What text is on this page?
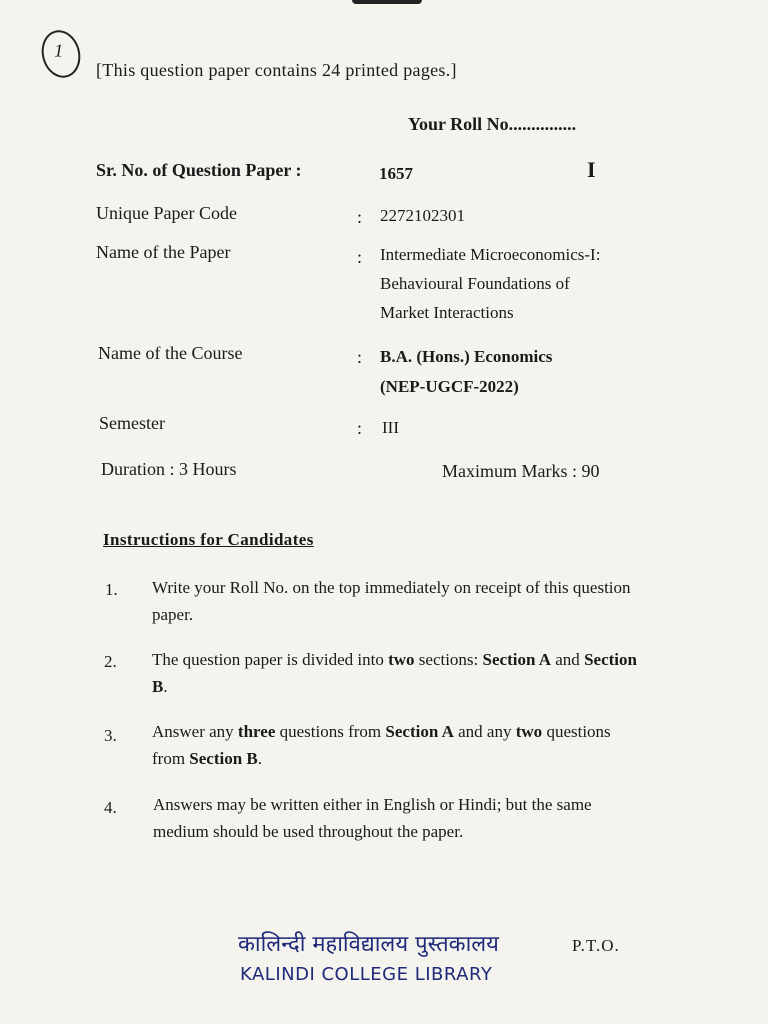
1
[This question paper contains 24 printed pages.]
Your Roll No...............
Sr. No. of Question Paper :	1657	I
Unique Paper Code	: 2272102301
Name of the Paper	: Intermediate Microeconomics-I:
Behavioural Foundations of
Market Interactions
Name of the Course	: B.A. (Hons.) Economics
(NEP-UGCF-2022)
Semester	: III
Duration : 3 Hours	Maximum Marks : 90
Instructions for Candidates
1. Write your Roll No. on the top immediately on receipt of this question paper.
2. The question paper is divided into two sections: Section A and Section B.
3. Answer any three questions from Section A and any two questions from Section B.
4. Answers may be written either in English or Hindi; but the same medium should be used throughout the paper.
कालिन्दी महाविद्यालय पुस्तकालय
KALINDI COLLEGE LIBRARY
P.T.O.
